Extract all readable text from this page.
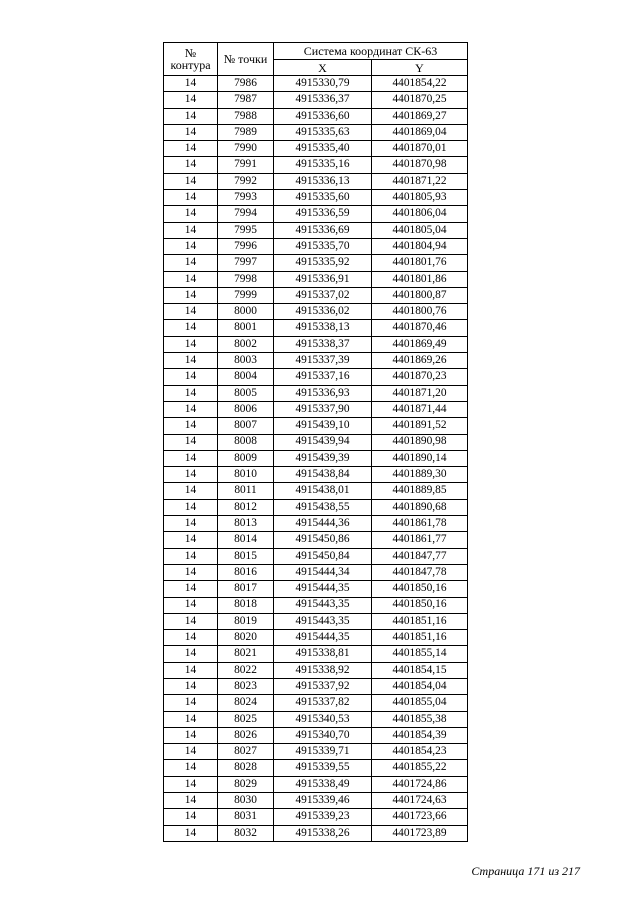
№ контура	№ точки	Система координат СК-63	
		X	Y
14	7986	4915330,79	4401854,22
14	7987	4915336,37	4401870,25
14	7988	4915336,60	4401869,27
14	7989	4915335,63	4401869,04
14	7990	4915335,40	4401870,01
14	7991	4915335,16	4401870,98
14	7992	4915336,13	4401871,22
14	7993	4915335,60	4401805,93
14	7994	4915336,59	4401806,04
14	7995	4915336,69	4401805,04
14	7996	4915335,70	4401804,94
14	7997	4915335,92	4401801,76
14	7998	4915336,91	4401801,86
14	7999	4915337,02	4401800,87
14	8000	4915336,02	4401800,76
14	8001	4915338,13	4401870,46
14	8002	4915338,37	4401869,49
14	8003	4915337,39	4401869,26
14	8004	4915337,16	4401870,23
14	8005	4915336,93	4401871,20
14	8006	4915337,90	4401871,44
14	8007	4915439,10	4401891,52
14	8008	4915439,94	4401890,98
14	8009	4915439,39	4401890,14
14	8010	4915438,84	4401889,30
14	8011	4915438,01	4401889,85
14	8012	4915438,55	4401890,68
14	8013	4915444,36	4401861,78
14	8014	4915450,86	4401861,77
14	8015	4915450,84	4401847,77
14	8016	4915444,34	4401847,78
14	8017	4915444,35	4401850,16
14	8018	4915443,35	4401850,16
14	8019	4915443,35	4401851,16
14	8020	4915444,35	4401851,16
14	8021	4915338,81	4401855,14
14	8022	4915338,92	4401854,15
14	8023	4915337,92	4401854,04
14	8024	4915337,82	4401855,04
14	8025	4915340,53	4401855,38
14	8026	4915340,70	4401854,39
14	8027	4915339,71	4401854,23
14	8028	4915339,55	4401855,22
14	8029	4915338,49	4401724,86
14	8030	4915339,46	4401724,63
14	8031	4915339,23	4401723,66
14	8032	4915338,26	4401723,89
Страница 171 из 217
